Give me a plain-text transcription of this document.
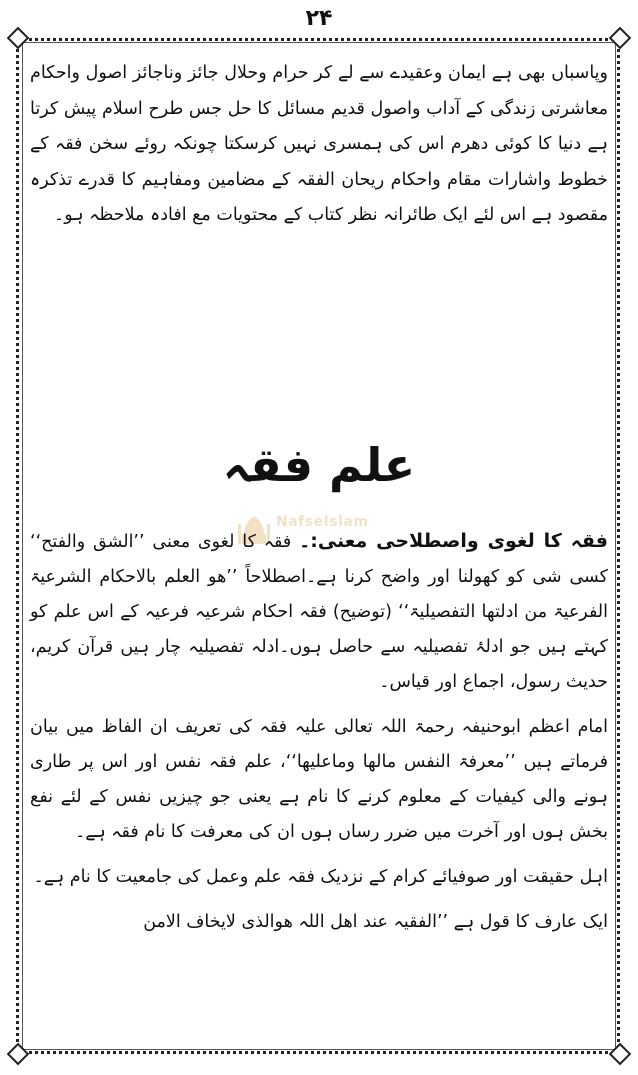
۲۴

وپاسباں بھی ہے ایمان وعقیدے سے لے کر حرام وحلال جائز وناجائز اصول واحکام معاشرتی زندگی کے آداب واصول قدیم مسائل کا حل جس طرح اسلام پیش کرتا ہے دنیا کا کوئی دھرم اس کی ہمسری نہیں کرسکتا چونکہ روئے سخن فقہ کے خطوط واشارات مقام واحکام ریحان الفقہ کے مضامین ومفاہیم کا قدرے تذکرہ مقصود ہے اس لئے ایک طائرانہ نظر کتاب کے محتویات مع افادہ ملاحظہ ہو۔

علم فقہ
NafseIslam

فقہ کا لغوی واصطلاحی معنی:۔ فقہ کا لغوی معنی ’’الشق والفتح‘‘ کسی شی کو کھولنا اور واضح کرنا ہے۔اصطلاحاً ’’ھو العلم بالاحکام الشرعیۃ الفرعیۃ من ادلتھا التفصیلیۃ‘‘ (توضیح) فقہ احکام شرعیہ فرعیہ کے اس علم کو کہتے ہیں جو ادلۂ تفصیلیہ سے حاصل ہوں۔ادلہ تفصیلیہ چار ہیں قرآن کریم، حدیث رسول، اجماع اور قیاس۔

امام اعظم ابوحنیفہ رحمۃ اللہ تعالی علیہ فقہ کی تعریف ان الفاظ میں بیان فرماتے ہیں ’’معرفۃ النفس مالھا وماعلیھا‘‘، علم فقہ نفس اور اس پر طاری ہونے والی کیفیات کے معلوم کرنے کا نام ہے یعنی جو چیزیں نفس کے لئے نفع بخش ہوں اور آخرت میں ضرر رساں ہوں ان کی معرفت کا نام فقہ ہے۔

اہل حقیقت اور صوفیائے کرام کے نزدیک فقہ علم وعمل کی جامعیت کا نام ہے۔

ایک عارف کا قول ہے ’’الفقیہ عند اھل اللہ ھوالذی لایخاف الامن
